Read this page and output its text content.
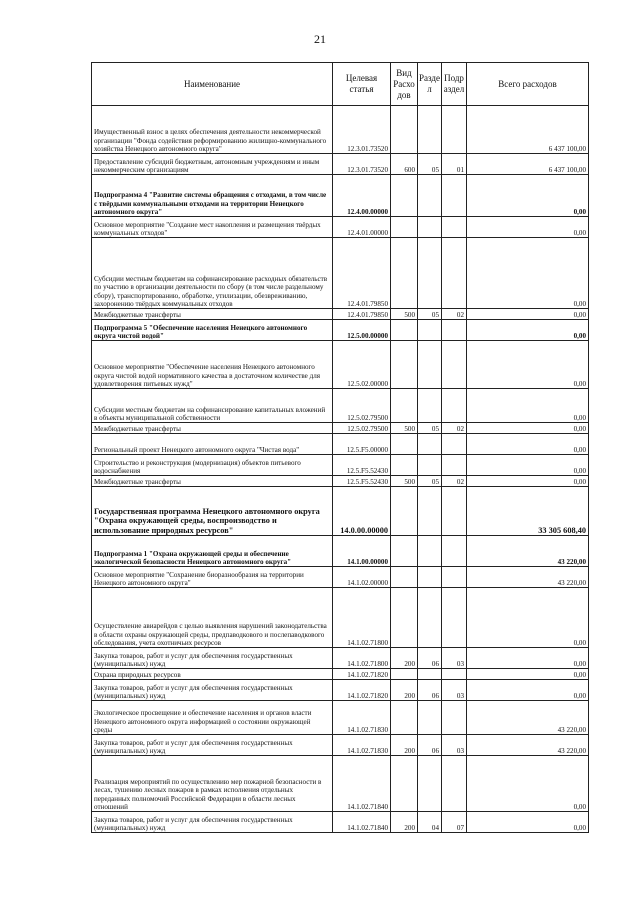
21
Наименование	Целевая статья	Вид Расхо дов	Разде л	Подр аздел	Всего расходов
Имущественный взнос в целях обеспечения деятельности некоммерческой организации "Фонда содействия реформированию жилищно-коммунального хозяйства Ненецкого автономного округа"	12.3.01.73520				6 437 100,00
Предоставление субсидий бюджетным, автономным учреждениям и иным некоммерческим организациям	12.3.01.73520	600	05	01	6 437 100,00
Подпрограмма 4 "Развитие системы обращения с отходами, в том числе с твёрдыми коммунальными отходами на территории Ненецкого автономного округа"	12.4.00.00000				0,00
Основное мероприятие "Создание мест накопления и размещения твёрдых коммунальных отходов"	12.4.01.00000				0,00
Субсидии местным бюджетам на софинансирование расходных обязательств по участию в организации деятельности по сбору (в том числе раздельному сбору), транспортированию, обработке, утилизации, обезвреживанию, захоронению твёрдых коммунальных отходов	12.4.01.79850				0,00
Межбюджетные трансферты	12.4.01.79850	500	05	02	0,00
Подпрограмма 5 "Обеспечение населения Ненецкого автономного округа чистой водой"	12.5.00.00000				0,00
Основное мероприятие "Обеспечение населения Ненецкого автономного округа чистой водой нормативного качества в достаточном количестве для удовлетворения питьевых нужд"	12.5.02.00000				0,00
Субсидии местным бюджетам на софинансирование капитальных вложений в объекты муниципальной собственности	12.5.02.79500				0,00
Межбюджетные трансферты	12.5.02.79500	500	05	02	0,00
Региональный проект Ненецкого автономного округа "Чистая вода"	12.5.F5.00000				0,00
Строительство и реконструкция (модернизация) объектов питьевого водоснабжения	12.5.F5.52430				0,00
Межбюджетные трансферты	12.5.F5.52430	500	05	02	0,00
Государственная программа Ненецкого автономного округа "Охрана окружающей среды, воспроизводство и использование природных ресурсов"	14.0.00.00000				33 305 608,40
Подпрограмма 1 "Охрана окружающей среды и обеспечение экологической безопасности Ненецкого автономного округа"	14.1.00.00000				43 220,00
Основное мероприятие "Сохранение биоразнообразия на территории Ненецкого автономного округа"	14.1.02.00000				43 220,00
Осуществление авиарейдов с целью выявления нарушений законодательства в области охраны окружающей среды, предпаводкового и послепаводкового обследования, учета охотничьих ресурсов	14.1.02.71800				0,00
Закупка товаров, работ и услуг для обеспечения государственных (муниципальных) нужд	14.1.02.71800	200	06	03	0,00
Охрана природных ресурсов	14.1.02.71820				0,00
Закупка товаров, работ и услуг для обеспечения государственных (муниципальных) нужд	14.1.02.71820	200	06	03	0,00
Экологическое просвещение и обеспечение населения и органов власти Ненецкого автономного округа информацией о состоянии окружающей среды	14.1.02.71830				43 220,00
Закупка товаров, работ и услуг для обеспечения государственных (муниципальных) нужд	14.1.02.71830	200	06	03	43 220,00
Реализация мероприятий по осуществлению мер пожарной безопасности в лесах, тушению лесных пожаров в рамках исполнения отдельных переданных полномочий Российской Федерации в области лесных отношений	14.1.02.71840				0,00
Закупка товаров, работ и услуг для обеспечения государственных (муниципальных) нужд	14.1.02.71840	200	04	07	0,00
